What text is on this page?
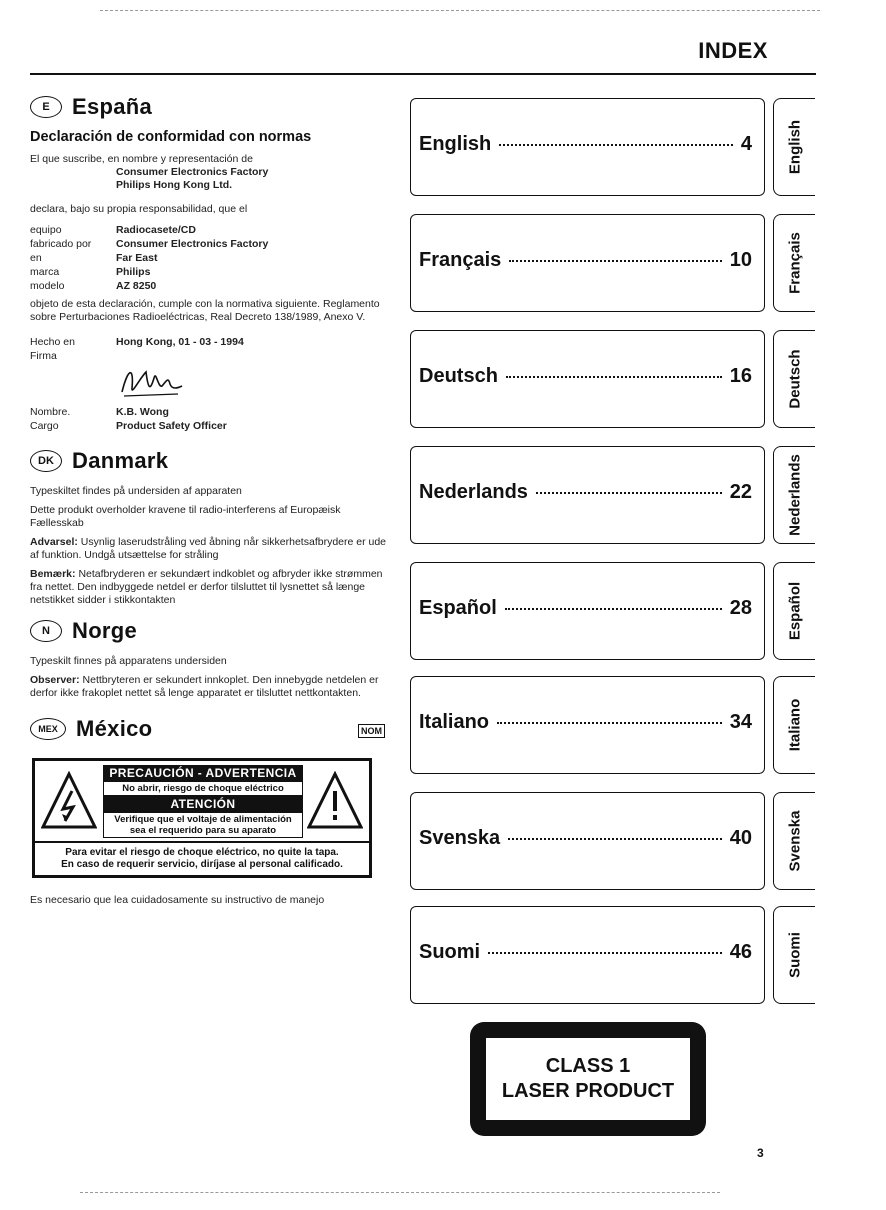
INDEX
E	España
Declaración de conformidad con normas
El que suscribe, en nombre y representación de
Consumer Electronics Factory
Philips Hong Kong Ltd.
declara, bajo su propia responsabilidad, que el
equipo	Radiocasete/CD
fabricado por	Consumer Electronics Factory
en	Far East
marca	Philips
modelo	AZ 8250
objeto de esta declaración, cumple con la normativa siguiente. Reglamento sobre Perturbaciones Radioeléctricas, Real Decreto 138/1989, Anexo V.
Hecho en	Hong Kong, 01 - 03 - 1994
Firma
Nombre.	K.B. Wong
Cargo	Product Safety Officer
DK Danmark
Typeskiltet findes på undersiden af apparaten
Dette produkt overholder kravene til radio-interferens af Europæisk Fællesskab
Advarsel: Usynlig laserudstråling ved åbning når sikkerhetsafbrydere er ude af funktion. Undgå utsættelse for stråling
Bemærk: Netafbryderen er sekundært indkoblet og afbryder ikke strømmen fra nettet. Den indbyggede netdel er derfor tilsluttet til lysnettet så længe netstikket sidder i stikkontakten
N	Norge
Typeskilt finnes på apparatens undersiden
Observer: Nettbryteren er sekundert innkoplet. Den innebygde netdelen er derfor ikke frakoplet nettet så lenge apparatet er tilsluttet nettkontakten.
MEX México	NOM
PRECAUCIÓN - ADVERTENCIA
No abrir, riesgo de choque eléctrico
ATENCIÓN
Verifique que el voltaje de alimentación sea el requerido para su aparato
Para evitar el riesgo de choque eléctrico, no quite la tapa.
En caso de requerir servicio, diríjase al personal calificado.
Es necesario que lea cuidadosamente su instructivo de manejo
English	4 English
Français	10 Français
Deutsch	16 Deutsch
Nederlands	22 Nederlands
Español	28 Español
Italiano	34 Italiano
Svenska	40 Svenska
Suomi	46 Suomi
CLASS 1
LASER PRODUCT
3
